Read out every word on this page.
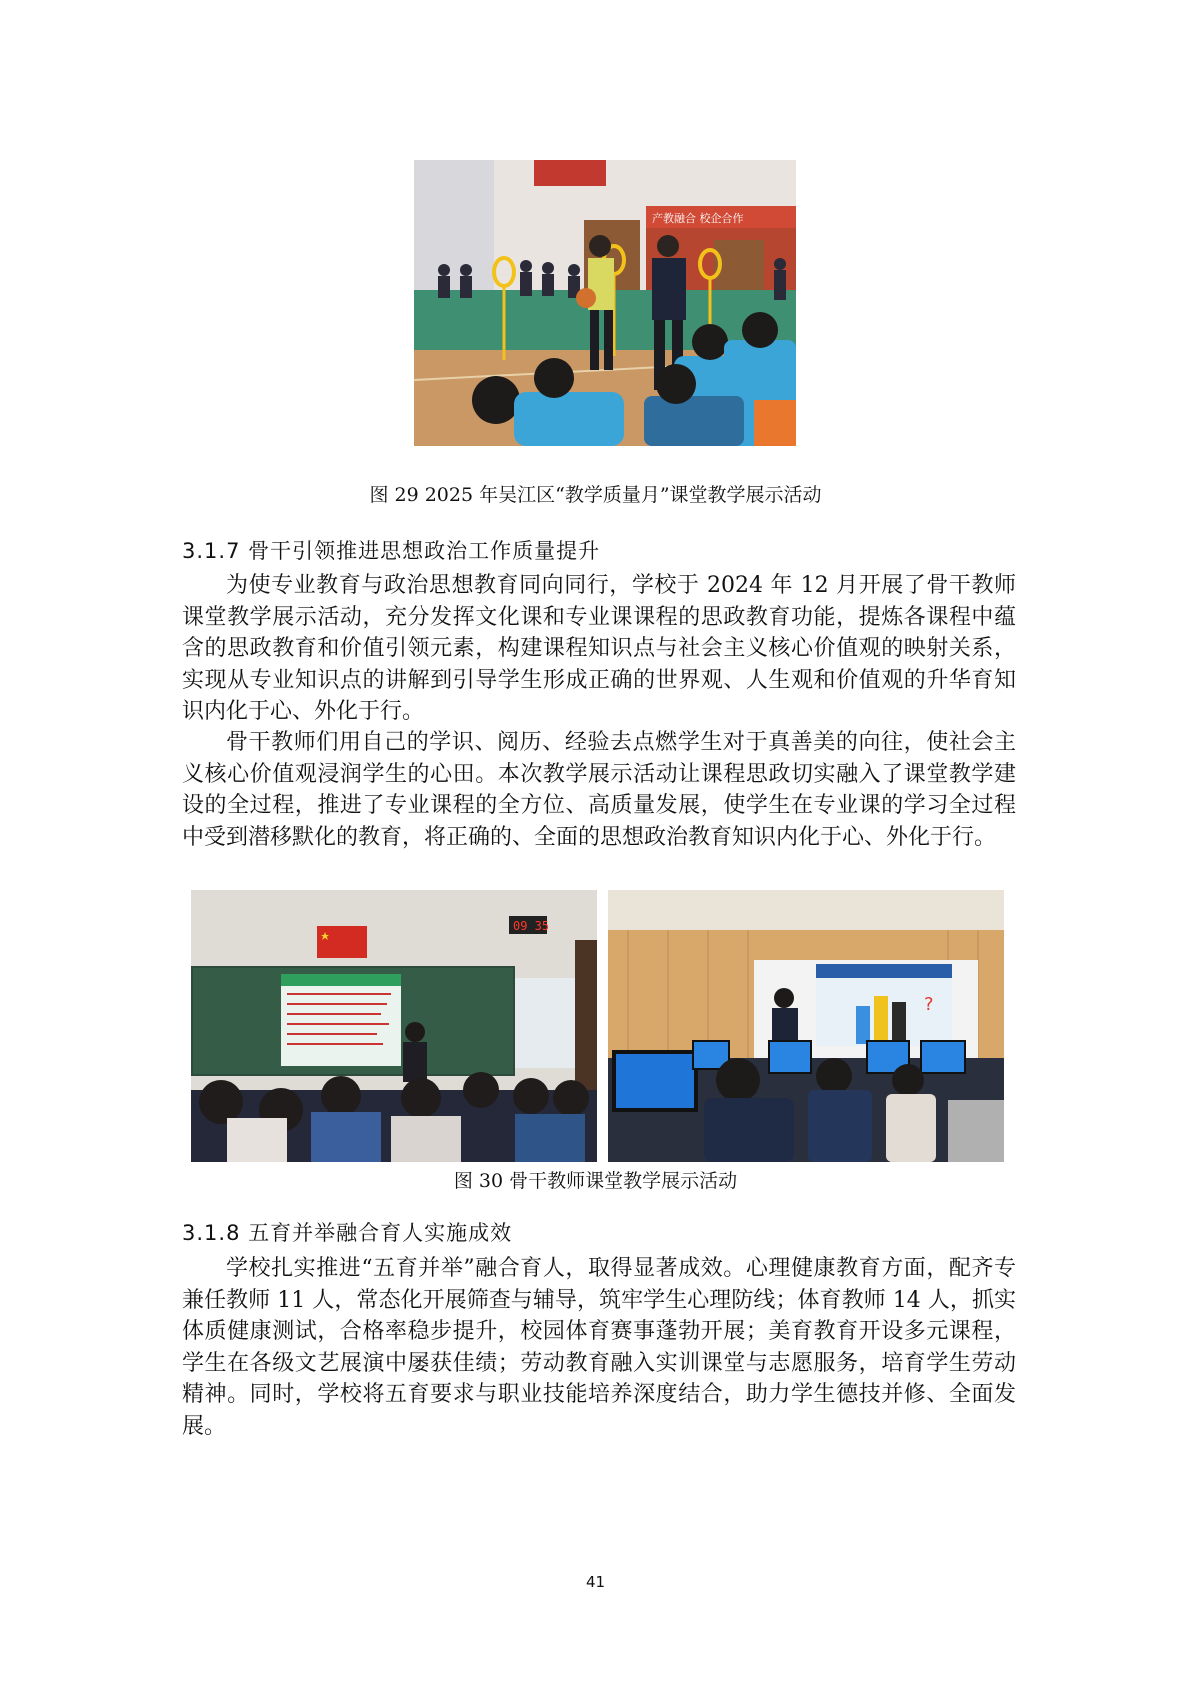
产教融合 校企合作
图 29 2025 年吴江区“教学质量月”课堂教学展示活动
3.1.7 骨干引领推进思想政治工作质量提升

为使专业教育与政治思想教育同向同行，学校于 2024 年 12 月开展了骨干教师课堂教学展示活动，充分发挥文化课和专业课课程的思政教育功能，提炼各课程中蕴含的思政教育和价值引领元素，构建课程知识点与社会主义核心价值观的映射关系，实现从专业知识点的讲解到引导学生形成正确的世界观、人生观和价值观的升华育知识内化于心、外化于行。

骨干教师们用自己的学识、阅历、经验去点燃学生对于真善美的向往，使社会主义核心价值观浸润学生的心田。本次教学展示活动让课程思政切实融入了课堂教学建设的全过程，推进了专业课程的全方位、高质量发展，使学生在专业课的学习全过程中受到潜移默化的教育，将正确的、全面的思想政治教育知识内化于心、外化于行。

09 35
?
图 30 骨干教师课堂教学展示活动
3.1.8 五育并举融合育人实施成效

学校扎实推进“五育并举”融合育人，取得显著成效。心理健康教育方面，配齐专兼任教师 11 人，常态化开展筛查与辅导，筑牢学生心理防线；体育教师 14 人，抓实体质健康测试，合格率稳步提升，校园体育赛事蓬勃开展；美育教育开设多元课程，学生在各级文艺展演中屡获佳绩；劳动教育融入实训课堂与志愿服务，培育学生劳动精神。同时，学校将五育要求与职业技能培养深度结合，助力学生德技并修、全面发展。

41
